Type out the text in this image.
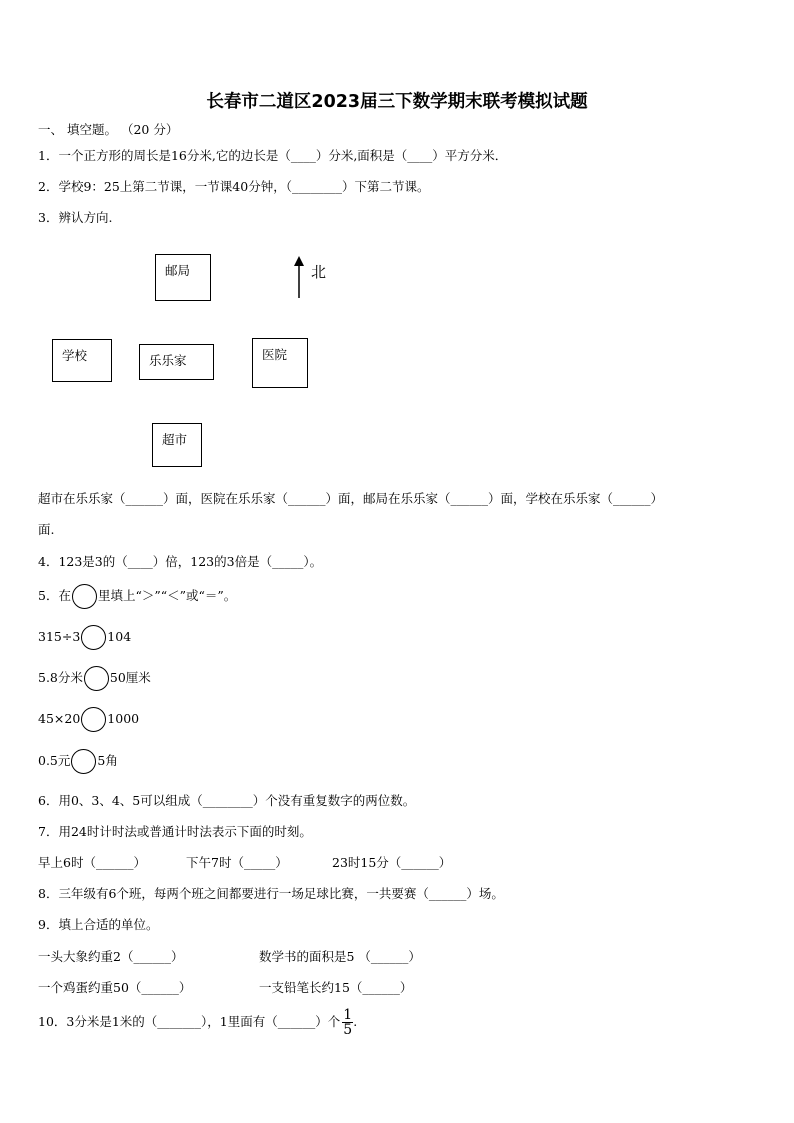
长春市二道区2023届三下数学期末联考模拟试题
一、 填空题。 （20 分）
1．一个正方形的周长是16分米,它的边长是（____）分米,面积是（____）平方分米．
2．学校9：25上第二节课，一节课40分钟，（________）下第二节课。
3．辨认方向.
邮局	北
学校	乐乐家	医院
超市
超市在乐乐家（______）面，医院在乐乐家（______）面，邮局在乐乐家（______）面，学校在乐乐家（______）
面.
4．123是3的（____）倍，123的3倍是（_____）。
5．在 里填上“＞”“＜”或“＝”。
315÷3 104
5.8分米 50厘米
45×20 1000
0.5元 5角
6．用0、3、4、5可以组成（________）个没有重复数字的两位数。
7．用24时计时法或普通计时法表示下面的时刻。
早上6时（______）	下午7时（_____）	23时15分（______）
8．三年级有6个班，每两个班之间都要进行一场足球比赛，一共要赛（______）场。
9．填上合适的单位。
一头大象约重2（______）	数学书的面积是5 （______）
一个鸡蛋约重50（______）	一支铅笔长约15（______）
10．3分米是1米的（_______），1里面有（______）个 $\frac{1}{5}$ .
